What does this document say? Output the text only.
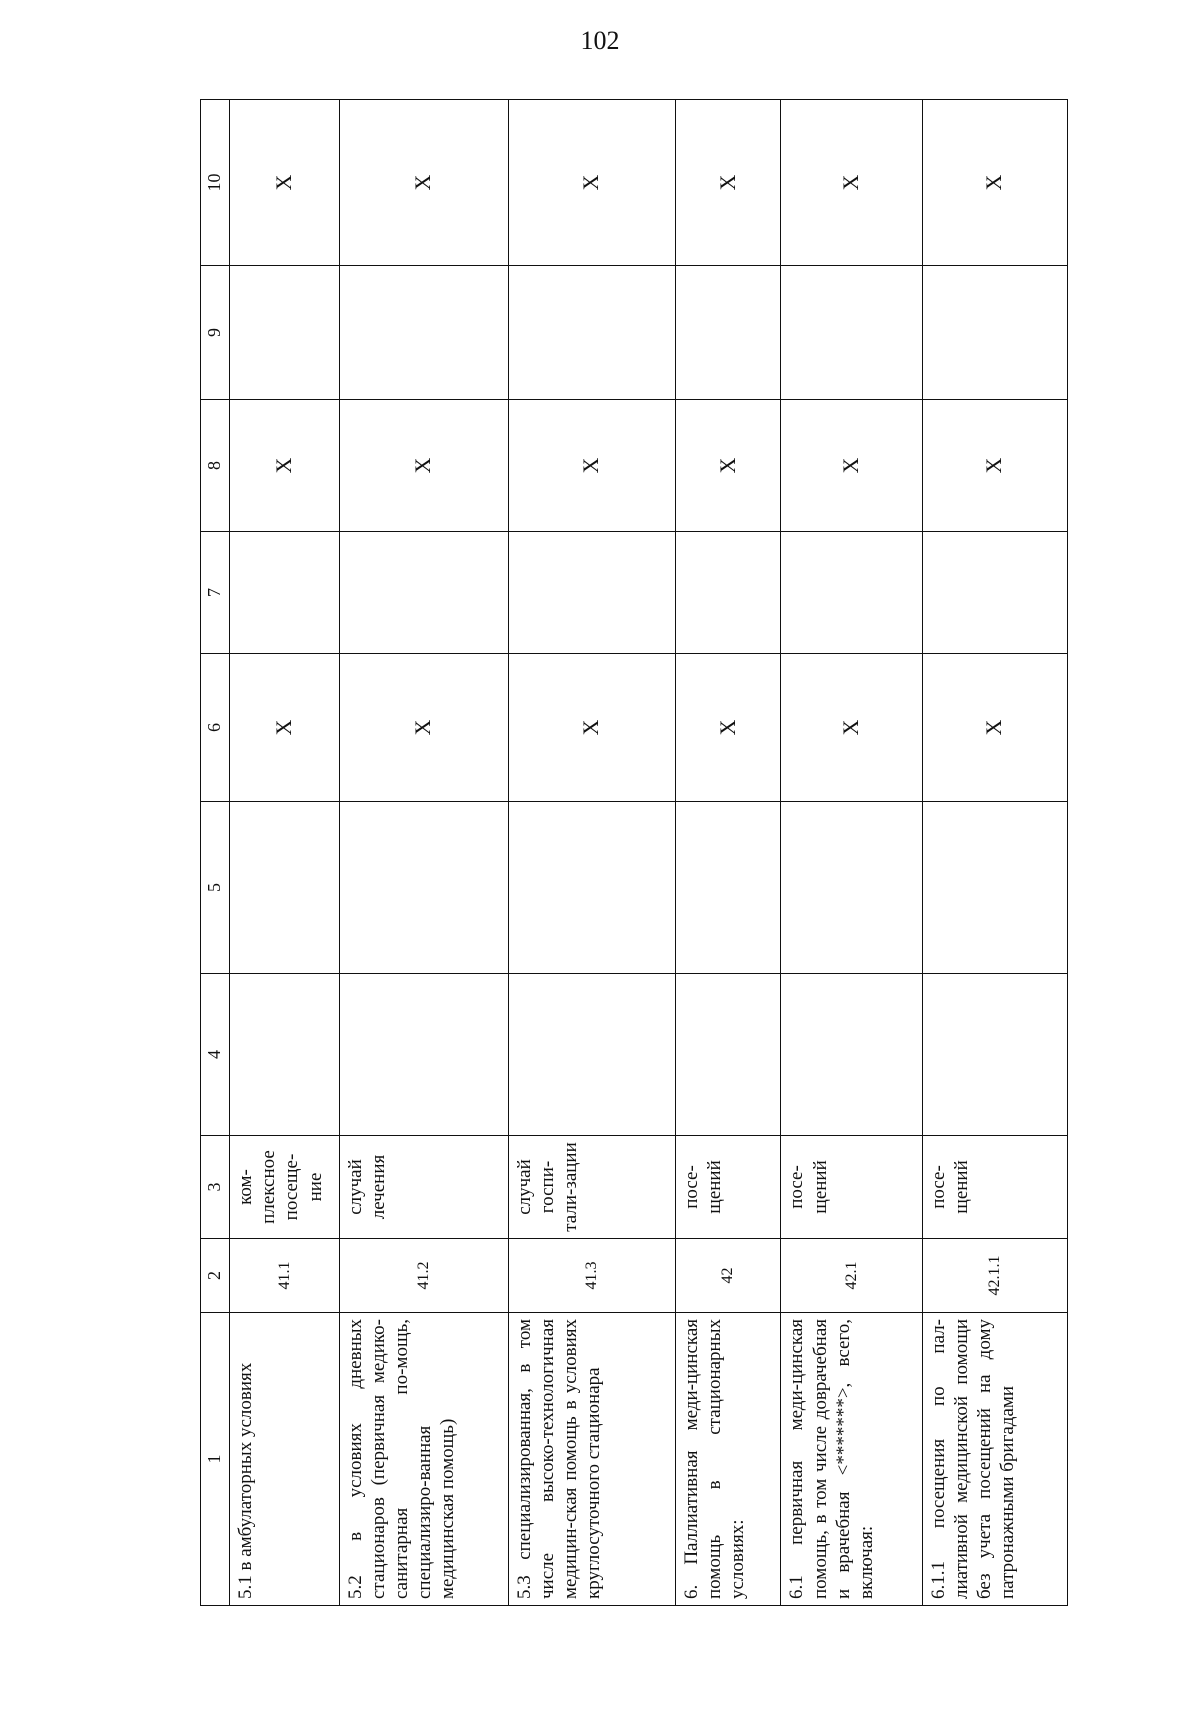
102
1	2	3	4	5	6	7	8	9	10
5.1 в амбулаторных условиях	41.1	ком-плексное посеще-ние			X		X		X
5.2 в условиях дневных стационаров (первичная медико-санитарная по-мощь, специализиро-ванная медицинская помощь)	41.2	случай лечения			X		X		X
5.3 специализированная, в том числе высоко-технологичная медицин-ская помощь в условиях круглосуточного стационара	41.3	случай госпи-тали-зации			X		X		X
6. Паллиативная меди-цинская помощь в стационарных условиях:	42	посе-щений			X		X		X
6.1 первичная меди-цинская помощь, в том числе доврачебная и врачебная <*******>, всего, включая:	42.1	посе-щений			X		X		X
6.1.1 посещения по пал-лиативной медицинской помощи без учета посещений на дому патронажными бригадами	42.1.1	посе-щений			X		X		X
